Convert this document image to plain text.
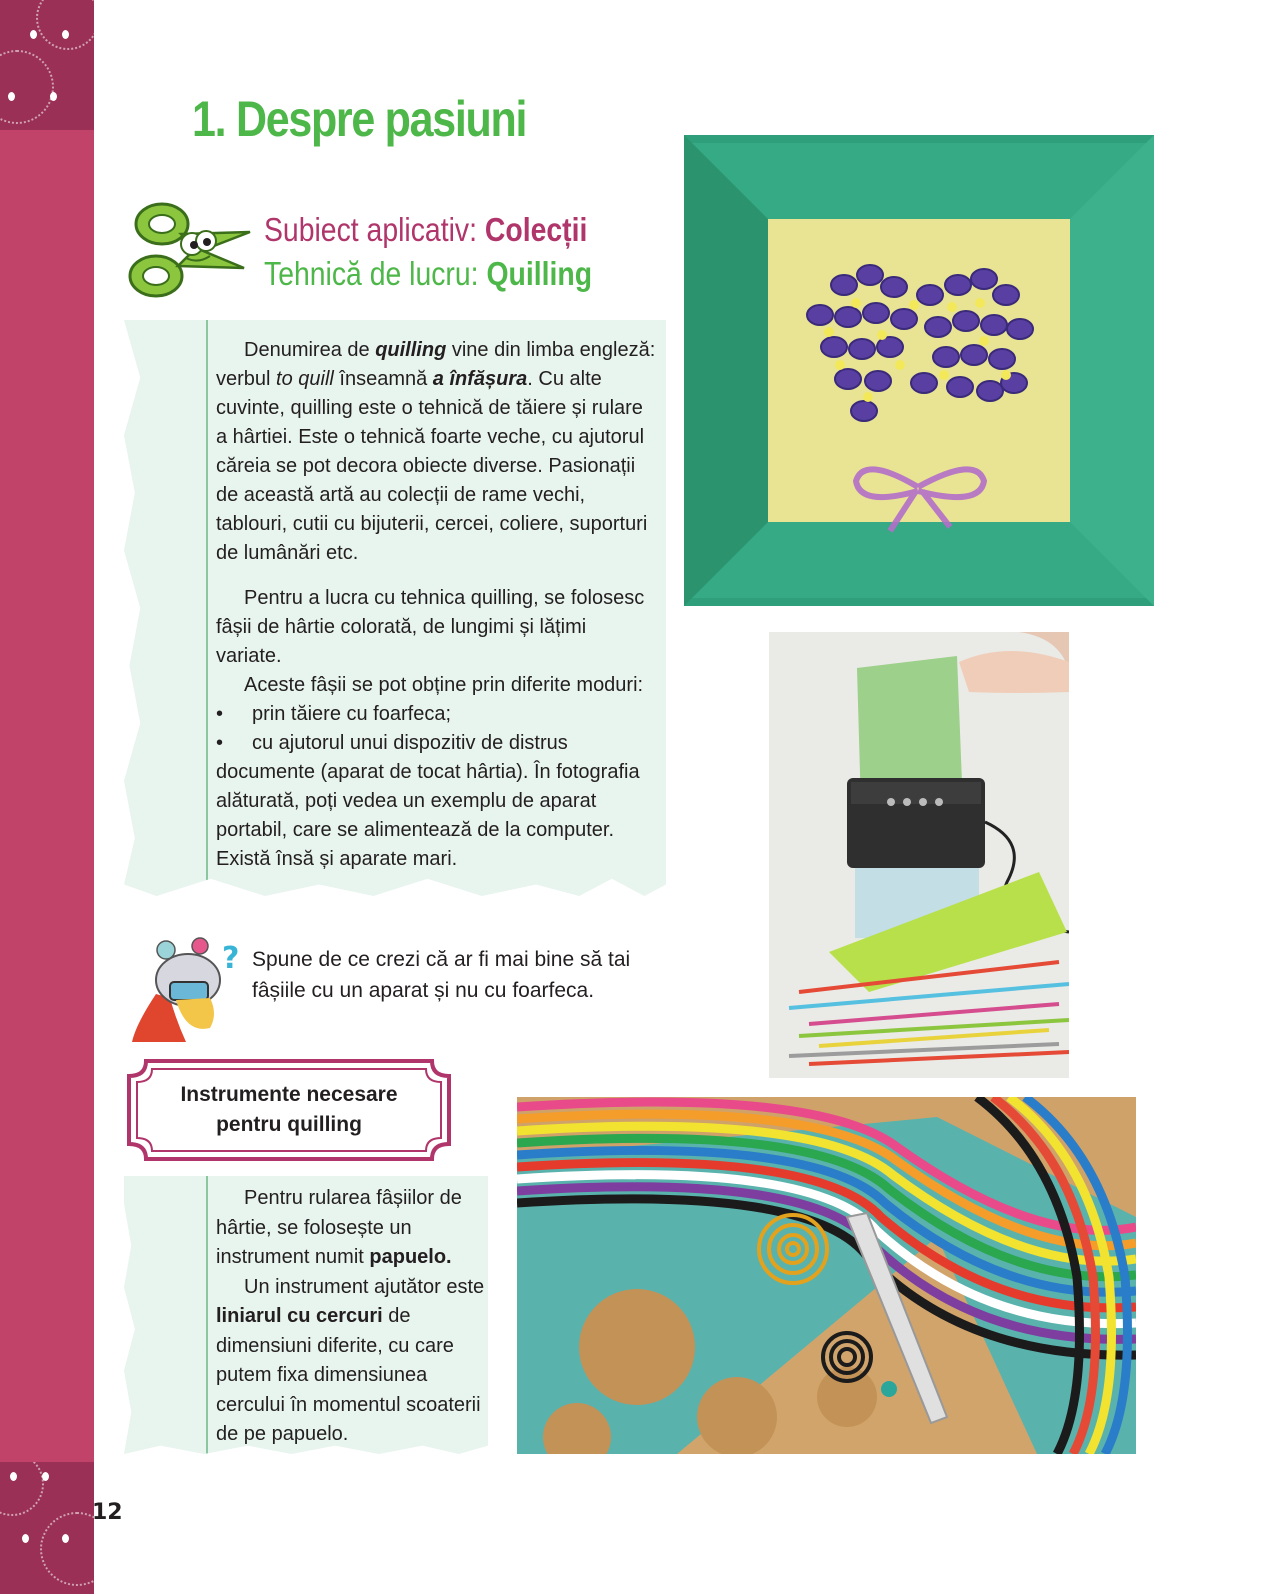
12
1. Despre pasiuni
Subiect aplicativ: Colecții
Tehnică de lucru: Quilling

Denumirea de quilling vine din limba engleză: verbul to quill înseamnă a înfășura. Cu alte cuvinte, quilling este o tehnică de tăiere și rulare a hârtiei. Este o tehnică foarte veche, cu ajutorul căreia se pot decora obiecte diverse. Pasionații de această artă au colecții de rame vechi, tablouri, cutii cu bijuterii, cercei, coliere, suporturi de lumânări etc.

Pentru a lucra cu tehnica quilling, se folosesc fâșii de hârtie colorată, de lungimi și lățimi variate.

Aceste fâșii se pot obține prin diferite moduri:

•	prin tăiere cu foarfeca;
•	cu ajutorul unui dispozitiv de distrus

documente (aparat de tocat hârtia). În fotografia alăturată, poți vedea un exemplu de aparat portabil, care se alimentează de la computer. Există însă și aparate mari.

? Spune de ce crezi că ar fi mai bine să tai fâșiile cu un aparat și nu cu foarfeca.
Instrumente necesare
pentru quilling

Pentru rularea fâșiilor de hârtie, se folosește un instrument numit papuelo.

Un instrument ajutător este liniarul cu cercuri de dimensiuni diferite, cu care putem fixa dimensiunea cercului în momentul scoaterii de pe papuelo.
